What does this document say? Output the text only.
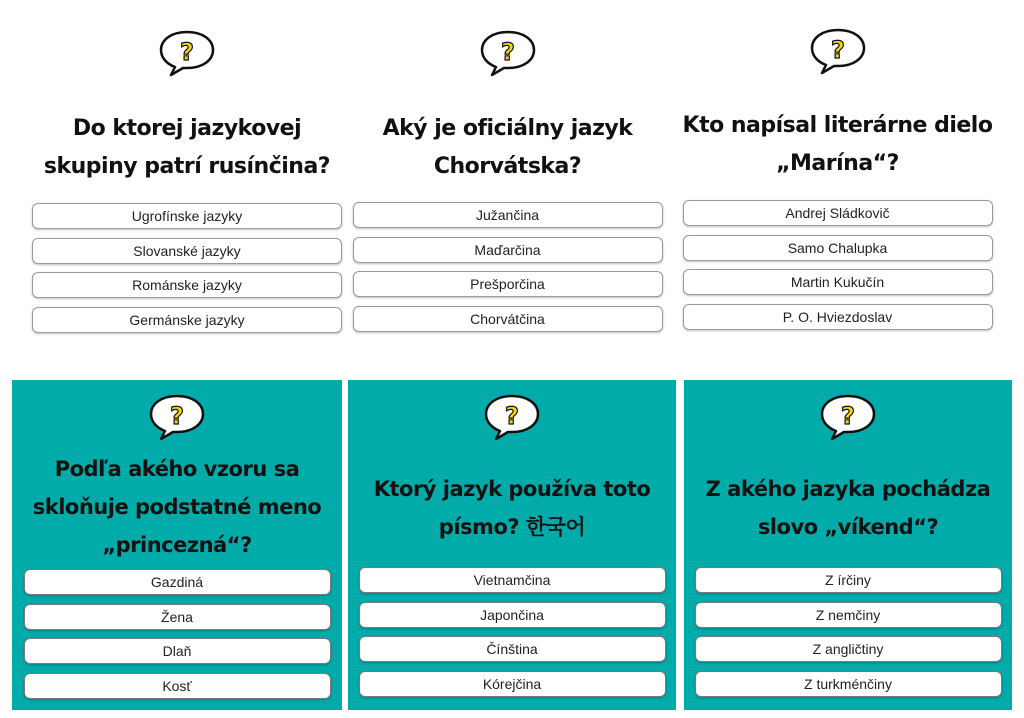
?
Do ktorej jazykovej
skupiny patrí rusínčina?
Ugrofínske jazyky
Slovanské jazyky
Románske jazyky
Germánske jazyky
?
Aký je oficiálny jazyk
Chorvátska?
Južančina
Maďarčina
Prešporčina
Chorvátčina
?
Kto napísal literárne dielo
„Marína“?
Andrej Sládkovič
Samo Chalupka
Martin Kukučín
P. O. Hviezdoslav
?
Podľa akého vzoru sa
skloňuje podstatné meno
„princezná“?
Gazdiná
Žena
Dlaň
Kosť
?
Ktorý jazyk používa toto
písmo? 한국어
Vietnamčina
Japončina
Čínština
Kórejčina
?
Z akého jazyka pochádza
slovo „víkend“?
Z írčiny
Z nemčiny
Z angličtiny
Z turkménčiny
